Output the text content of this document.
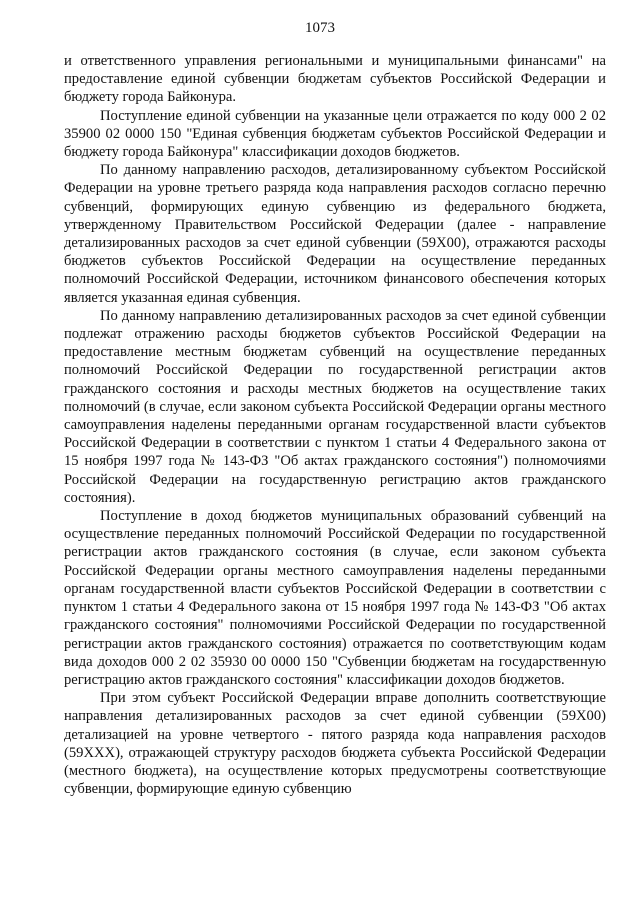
1073

и ответственного управления региональными и муниципальными финансами" на предоставление единой субвенции бюджетам субъектов Российской Федерации и бюджету города Байконура.

Поступление единой субвенции на указанные цели отражается по коду 000 2 02 35900 02 0000 150 "Единая субвенция бюджетам субъектов Российской Федерации и бюджету города Байконура" классификации доходов бюджетов.

По данному направлению расходов, детализированному субъектом Российской Федерации на уровне третьего разряда кода направления расходов согласно перечню субвенций, формирующих единую субвенцию из федерального бюджета, утвержденному Правительством Российской Федерации (далее - направление детализированных расходов за счет единой субвенции (59Х00), отражаются расходы бюджетов субъектов Российской Федерации на осуществление переданных полномочий Российской Федерации, источником финансового обеспечения которых является указанная единая субвенция.

По данному направлению детализированных расходов за счет единой субвенции подлежат отражению расходы бюджетов субъектов Российской Федерации на предоставление местным бюджетам субвенций на осуществление переданных полномочий Российской Федерации по государственной регистрации актов гражданского состояния и расходы местных бюджетов на осуществление таких полномочий (в случае, если законом субъекта Российской Федерации органы местного самоуправления наделены переданными органам государственной власти субъектов Российской Федерации в соответствии с пунктом 1 статьи 4 Федерального закона от 15 ноября 1997 года № 143-ФЗ "Об актах гражданского состояния") полномочиями Российской Федерации на государственную регистрацию актов гражданского состояния).

Поступление в доход бюджетов муниципальных образований субвенций на осуществление переданных полномочий Российской Федерации по государственной регистрации актов гражданского состояния (в случае, если законом субъекта Российской Федерации органы местного самоуправления наделены переданными органам государственной власти субъектов Российской Федерации в соответствии с пунктом 1 статьи 4 Федерального закона от 15 ноября 1997 года № 143-ФЗ "Об актах гражданского состояния" полномочиями Российской Федерации по государственной регистрации актов гражданского состояния) отражается по соответствующим кодам вида доходов 000 2 02 35930 00 0000 150 "Субвенции бюджетам на государственную регистрацию актов гражданского состояния" классификации доходов бюджетов.

При этом субъект Российской Федерации вправе дополнить соответствующие направления детализированных расходов за счет единой субвенции (59Х00) детализацией на уровне четвертого - пятого разряда кода направления расходов (59ХХХ), отражающей структуру расходов бюджета субъекта Российской Федерации (местного бюджета), на осуществление которых предусмотрены соответствующие субвенции, формирующие единую субвенцию
